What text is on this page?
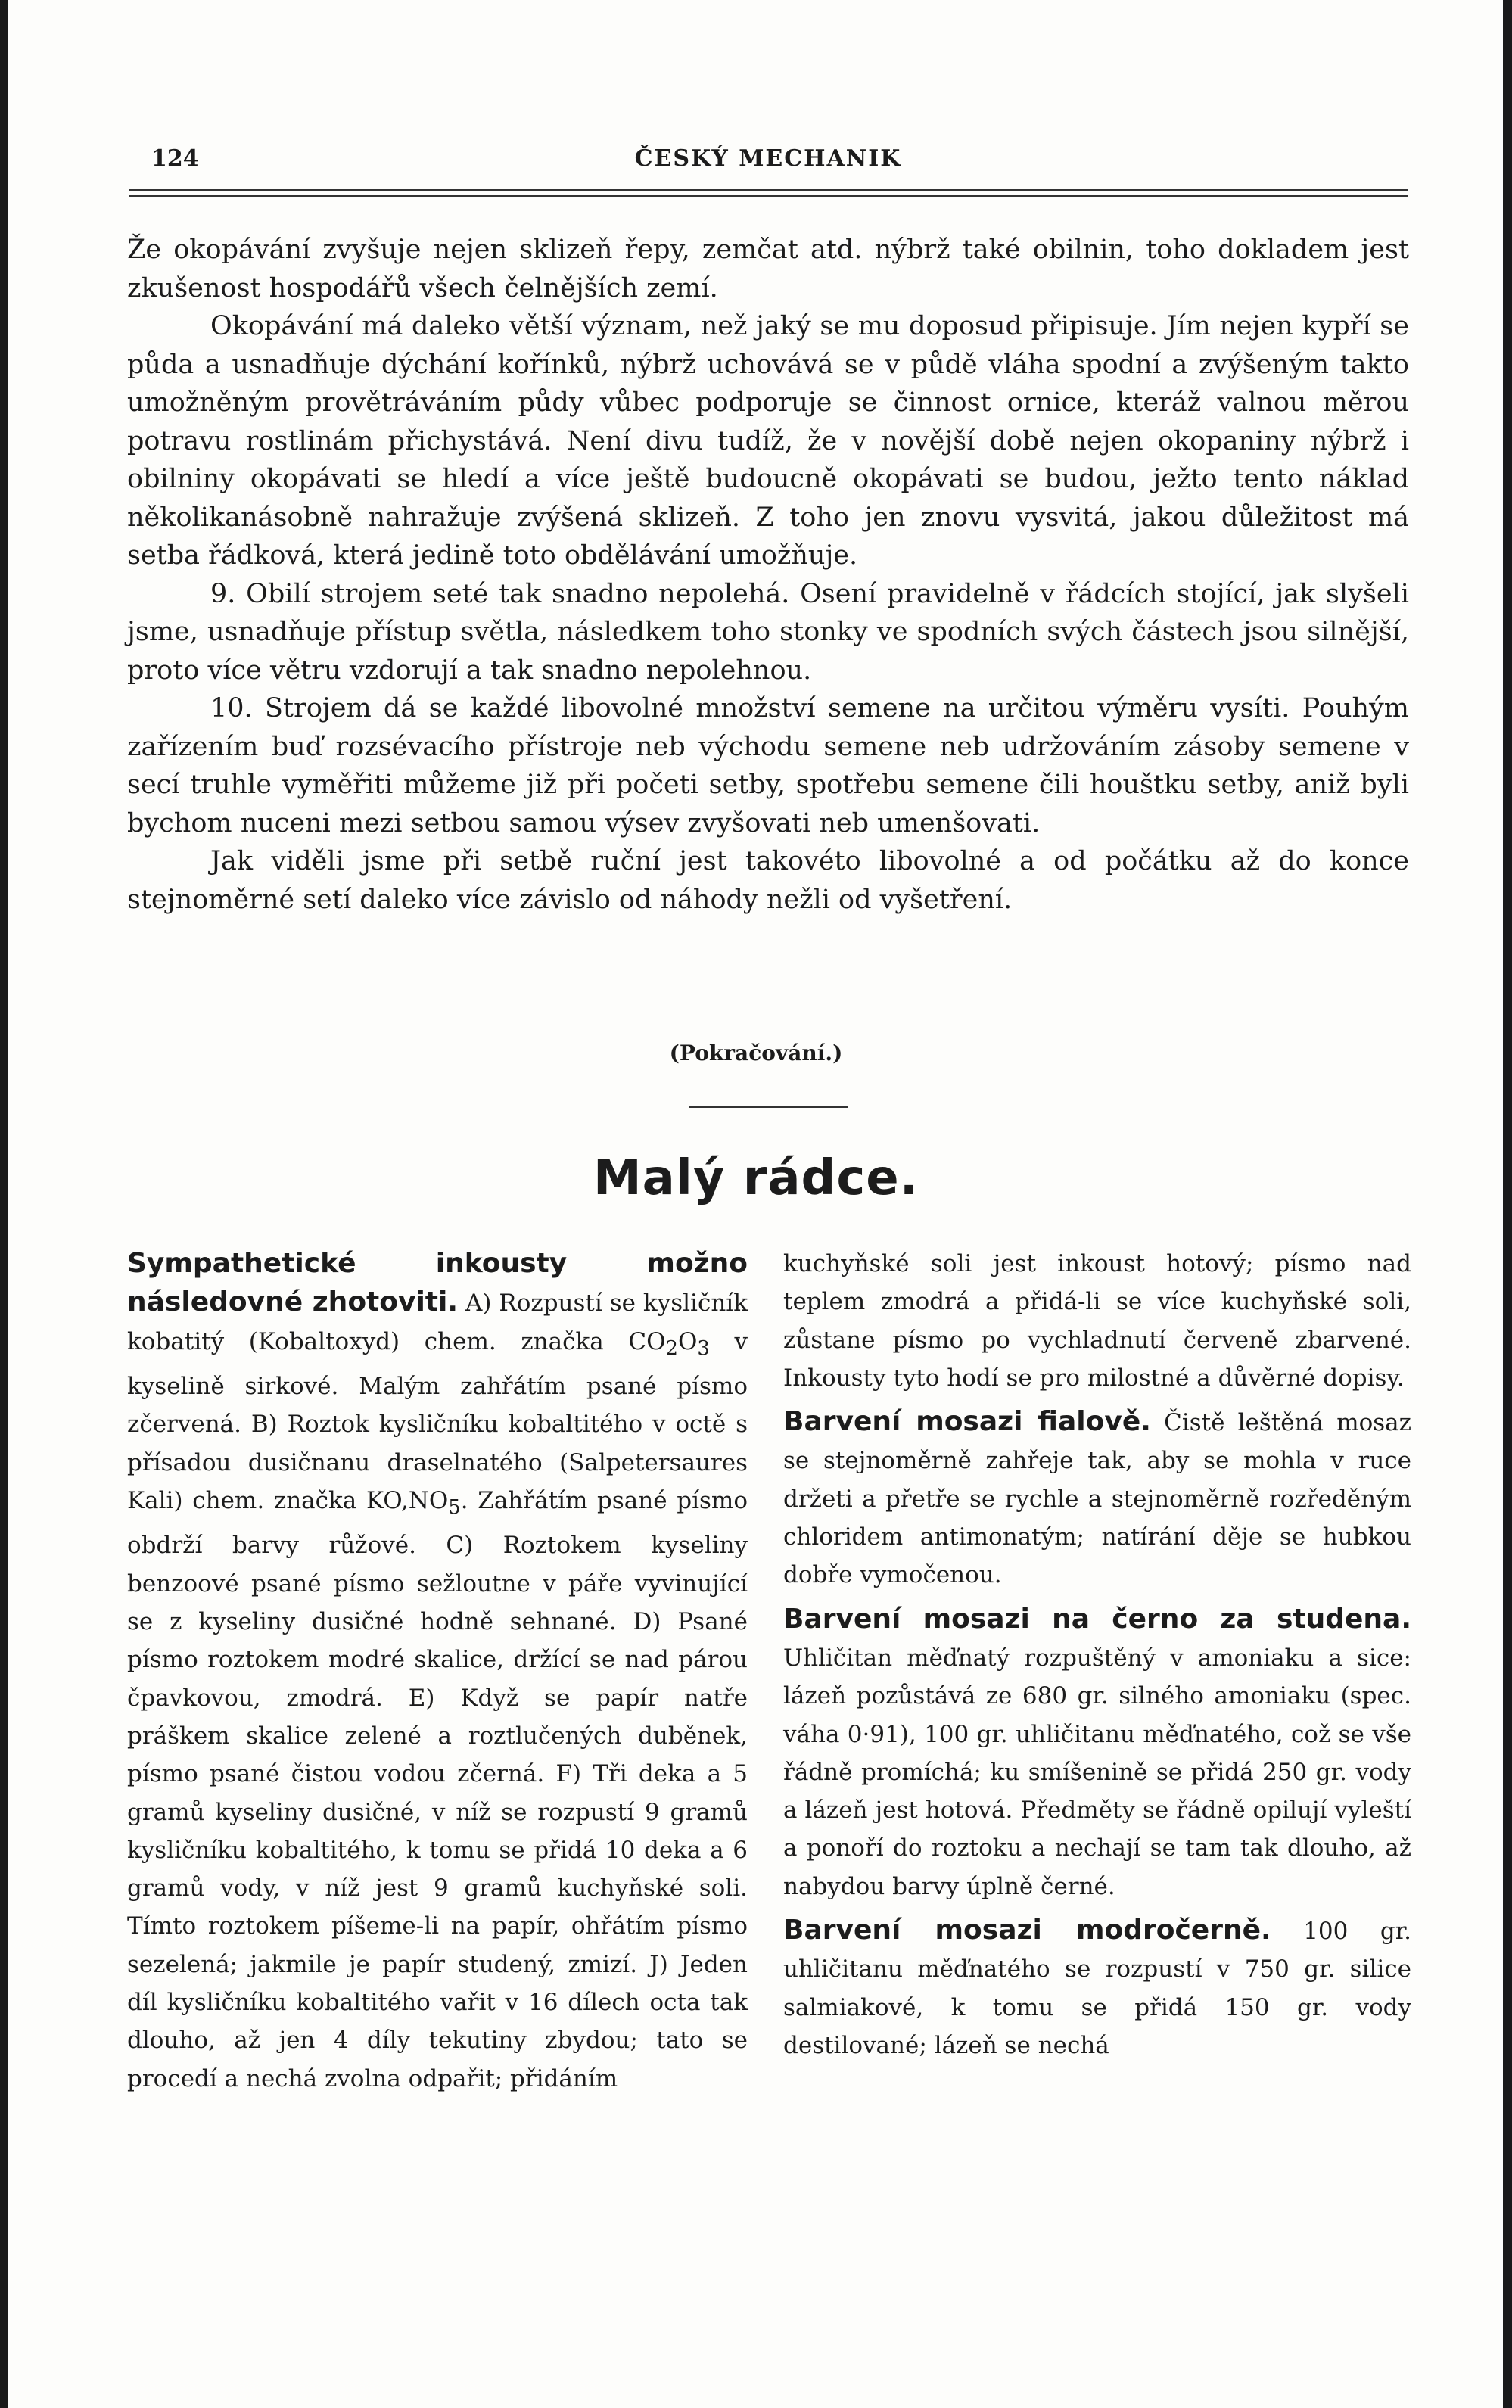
124	ČESKÝ MECHANIK

Že okopávání zvyšuje nejen sklizeň řepy, zemčat atd. nýbrž také obilnin, toho dokladem jest zkušenost hospodářů všech čelnějších zemí.

Okopávání má daleko větší význam, než jaký se mu doposud připisuje. Jím nejen kypří se půda a usnadňuje dýchání kořínků, nýbrž uchovává se v půdě vláha spodní a zvýšeným takto umožněným provětráváním půdy vůbec podporuje se činnost ornice, kteráž valnou měrou potravu rostlinám přichystává. Není divu tudíž, že v novější době nejen okopaniny nýbrž i obilniny okopávati se hledí a více ještě budoucně okopávati se budou, ježto tento náklad několikanásobně nahražuje zvýšená sklizeň. Z toho jen znovu vysvitá, jakou důležitost má setba řádková, která jedině toto obdělávání umožňuje.

9. Obilí strojem seté tak snadno nepolehá. Osení pravidelně v řádcích stojící, jak slyšeli jsme, usnadňuje přístup světla, následkem toho stonky ve spodních svých částech jsou silnější, proto více větru vzdorují a tak snadno nepolehnou.

10. Strojem dá se každé libovolné množství semene na určitou výměru vysíti. Pouhým zařízením buď rozsévacího přístroje neb východu semene neb udržováním zásoby semene v secí truhle vyměřiti můžeme již při početi setby, spotřebu semene čili houštku setby, aniž byli bychom nuceni mezi setbou samou výsev zvyšovati neb umenšovati.

Jak viděli jsme při setbě ruční jest takovéto libovolné a od počátku až do konce stejnoměrné setí daleko více závislo od náhody nežli od vyšetření.

(Pokračování.)
Malý rádce.

Sympathetické inkousty možno následovné zhotoviti. A) Rozpustí se kysličník kobatitý (Kobaltoxyd) chem. značka $CO_2O_3$ v kyselině sirkové. Malým zahřátím psané písmo zčervená. B) Roztok kysličníku kobaltitého v octě s přísadou dusičnanu draselnatého (Salpetersaures Kali) chem. značka $KO,NO_5$. Zahřátím psané písmo obdrží barvy růžové. C) Roztokem kyseliny benzoové psané písmo sežloutne v páře vyvinující se z kyseliny dusičné hodně sehnané. D) Psané písmo roztokem modré skalice, držící se nad párou čpavkovou, zmodrá. E) Když se papír natře práškem skalice zelené a roztlučených duběnek, písmo psané čistou vodou zčerná. F) Tři deka a 5 gramů kyseliny dusičné, v níž se rozpustí 9 gramů kysličníku kobaltitého, k tomu se přidá 10 deka a 6 gramů vody, v níž jest 9 gramů kuchyňské soli. Tímto roztokem píšeme-li na papír, ohřátím písmo sezelená; jakmile je papír studený, zmizí. J) Jeden díl kysličníku kobaltitého vařit v 16 dílech octa tak dlouho, až jen 4 díly tekutiny zbydou; tato se procedí a nechá zvolna odpařit; přidáním

kuchyňské soli jest inkoust hotový; písmo nad teplem zmodrá a přidá-li se více kuchyňské soli, zůstane písmo po vychladnutí červeně zbarvené. Inkousty tyto hodí se pro milostné a důvěrné dopisy.

Barvení mosazi fialově. Čistě leštěná mosaz se stejnoměrně zahřeje tak, aby se mohla v ruce držeti a přetře se rychle a stejnoměrně rozředěným chloridem antimonatým; natírání děje se hubkou dobře vymočenou.

Barvení mosazi na černo za studena. Uhličitan měďnatý rozpuštěný v amoniaku a sice: lázeň pozůstává ze 680 gr. silného amoniaku (spec. váha 0·91), 100 gr. uhličitanu měďnatého, což se vše řádně promíchá; ku smíšenině se přidá 250 gr. vody a lázeň jest hotová. Předměty se řádně opilují vyleští a ponoří do roztoku a nechají se tam tak dlouho, až nabydou barvy úplně černé.

Barvení mosazi modročerně. 100 gr. uhličitanu měďnatého se rozpustí v 750 gr. silice salmiakové, k tomu se přidá 150 gr. vody destilované; lázeň se nechá
